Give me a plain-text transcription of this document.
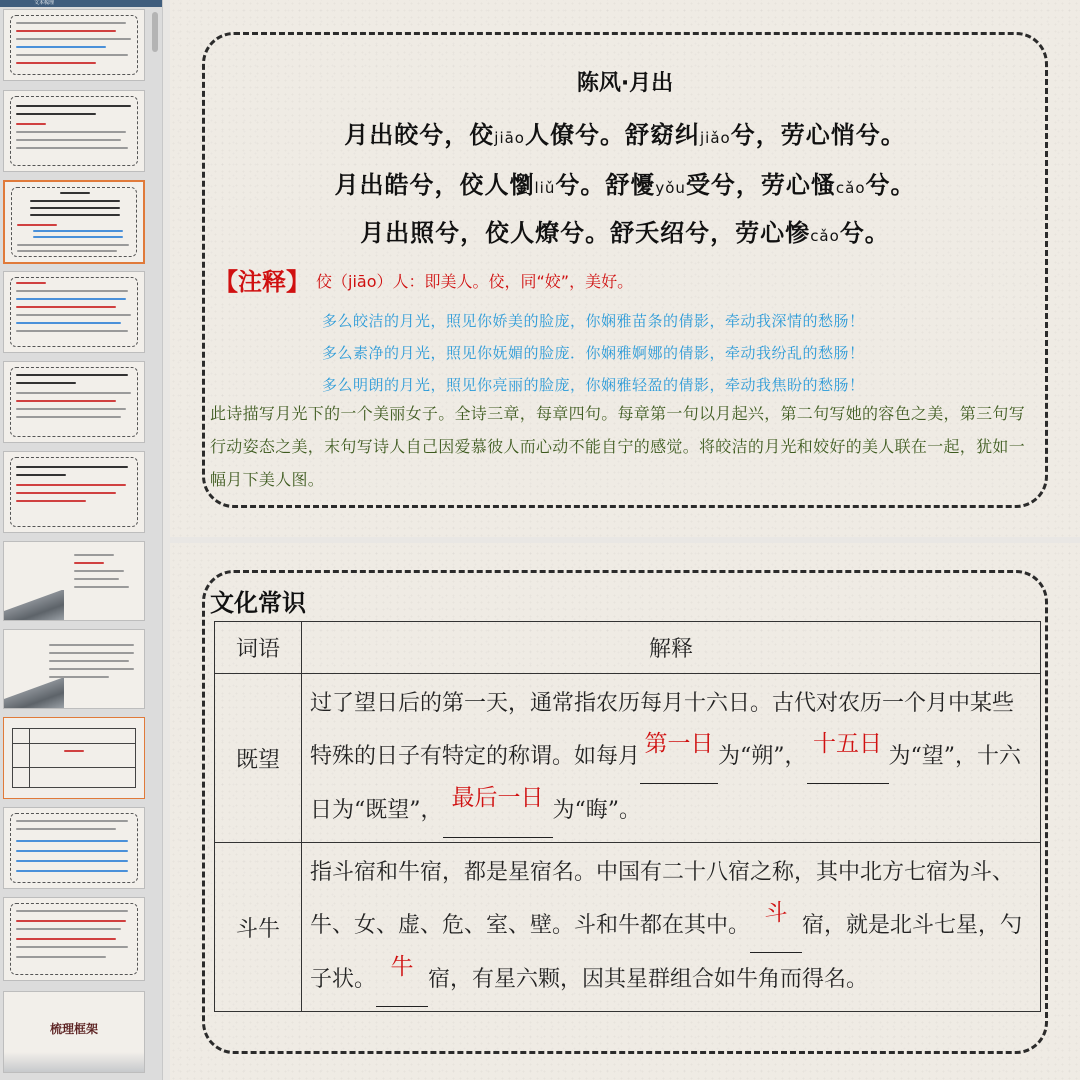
文本梳理
梳理框架
陈风·月出
月出皎兮，佼jiāo人僚兮。舒窈纠jiǎo兮，劳心悄兮。
月出皓兮，佼人懰liǔ兮。舒懮yǒu受兮，劳心慅cǎo兮。
月出照兮，佼人燎兮。舒夭绍兮，劳心惨cǎo兮。
【注释】 佼（jiāo）人：即美人。佼，同“姣”，美好。
多么皎洁的月光，照见你娇美的脸庞，你娴雅苗条的倩影，牵动我深情的愁肠！
多么素净的月光，照见你妩媚的脸庞．你娴雅婀娜的倩影，牵动我纷乱的愁肠！
多么明朗的月光，照见你亮丽的脸庞，你娴雅轻盈的倩影，牵动我焦盼的愁肠！
此诗描写月光下的一个美丽女子。全诗三章，每章四句。每章第一句以月起兴，第二句写她的容色之美，第三句写行动姿态之美，末句写诗人自己因爱慕彼人而心动不能自宁的感觉。将皎洁的月光和姣好的美人联在一起，犹如一幅月下美人图。
文化常识
词语	解释
既望	过了望日后的第一天，通常指农历每月十六日。古代对农历一个月中某些特殊的日子有特定的称谓。如每月 第一日 为“朔”， 十五日 为“望”，十六日为“既望”， 最后一日 为“晦”。
斗牛	指斗宿和牛宿，都是星宿名。中国有二十八宿之称，其中北方七宿为斗、牛、女、虚、危、室、壁。斗和牛都在其中。 斗 宿，就是北斗七星，勺子状。 牛 宿，有星六颗，因其星群组合如牛角而得名。
